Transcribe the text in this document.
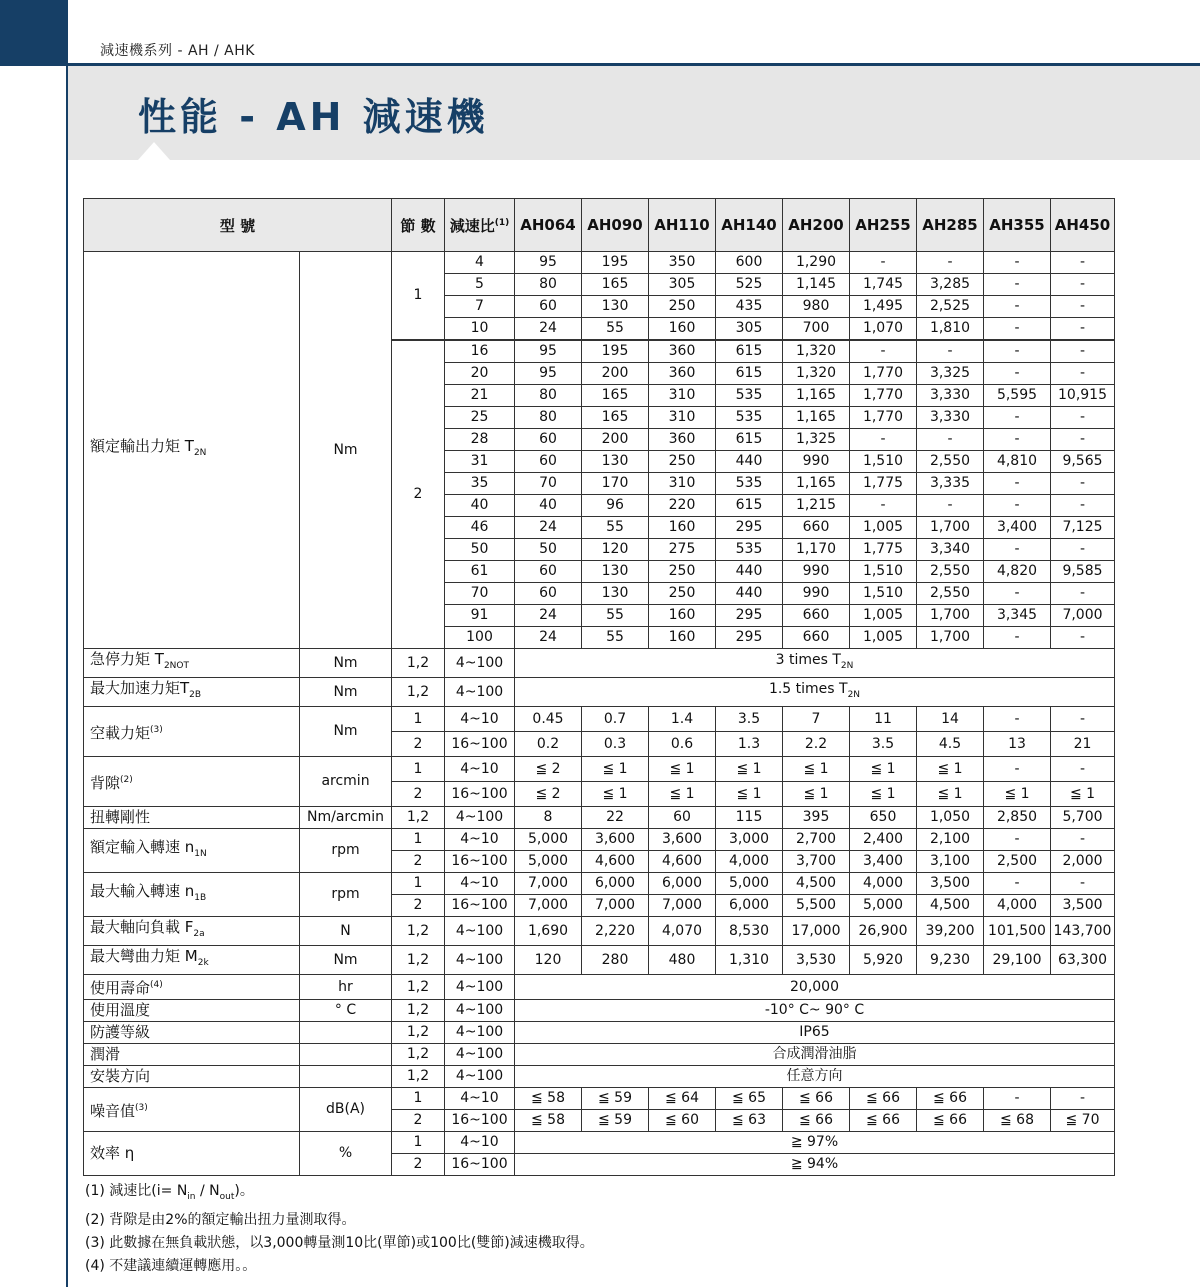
減速機系列 - AH / AHK
性能 - AH 減速機
型 號		節 數	減速比$^{(1)}$	AH064	AH090	AH110	AH140	AH200	AH255	AH285	AH355	AH450
額定輸出力矩 $T_{2N}$	Nm	1	4	95	195	350	600	1,290	-	-	-	-
			5	80	165	305	525	1,145	1,745	3,285	-	-
			7	60	130	250	435	980	1,495	2,525	-	-
			10	24	55	160	305	700	1,070	1,810	-	-
		2	16	95	195	360	615	1,320	-	-	-	-
			20	95	200	360	615	1,320	1,770	3,325	-	-
			21	80	165	310	535	1,165	1,770	3,330	5,595	10,915
			25	80	165	310	535	1,165	1,770	3,330	-	-
			28	60	200	360	615	1,325	-	-	-	-
			31	60	130	250	440	990	1,510	2,550	4,810	9,565
			35	70	170	310	535	1,165	1,775	3,335	-	-
			40	40	96	220	615	1,215	-	-	-	-
			46	24	55	160	295	660	1,005	1,700	3,400	7,125
			50	50	120	275	535	1,170	1,775	3,340	-	-
			61	60	130	250	440	990	1,510	2,550	4,820	9,585
			70	60	130	250	440	990	1,510	2,550	-	-
			91	24	55	160	295	660	1,005	1,700	3,345	7,000
			100	24	55	160	295	660	1,005	1,700	-	-
急停力矩 $T_{2NOT}$	Nm	1,2	4~100	3 times $T_{2N}$
最大加速力矩$T_{2B}$	Nm	1,2	4~100	1.5 times $T_{2N}$
空載力矩$^{(3)}$	Nm	1	4~10	0.45	0.7	1.4	3.5	7	11	14	-	-
		2	16~100	0.2	0.3	0.6	1.3	2.2	3.5	4.5	13	21
背隙$^{(2)}$	arcmin	1	4~10	≦ 2	≦ 1	≦ 1	≦ 1	≦ 1	≦ 1	≦ 1	-	-
		2	16~100	≦ 2	≦ 1	≦ 1	≦ 1	≦ 1	≦ 1	≦ 1	≦ 1	≦ 1
扭轉剛性	Nm/arcmin	1,2	4~100	8	22	60	115	395	650	1,050	2,850	5,700
額定輸入轉速 $n_{1N}$	rpm	1	4~10	5,000	3,600	3,600	3,000	2,700	2,400	2,100	-	-
		2	16~100	5,000	4,600	4,600	4,000	3,700	3,400	3,100	2,500	2,000
最大輸入轉速 $n_{1B}$	rpm	1	4~10	7,000	6,000	6,000	5,000	4,500	4,000	3,500	-	-
		2	16~100	7,000	7,000	7,000	6,000	5,500	5,000	4,500	4,000	3,500
最大軸向負載 $F_{2a}$	N	1,2	4~100	1,690	2,220	4,070	8,530	17,000	26,900	39,200	101,500	143,700
最大彎曲力矩 $M_{2k}$	Nm	1,2	4~100	120	280	480	1,310	3,530	5,920	9,230	29,100	63,300
使用壽命$^{(4)}$	hr	1,2	4~100	20,000								
使用溫度	° C	1,2	4~100	-10° C~ 90° C								
防護等級		1,2	4~100	IP65								
潤滑		1,2	4~100	合成潤滑油脂								
安裝方向		1,2	4~100	任意方向								
噪音值$^{(3)}$	dB(A)	1	4~10	≦ 58	≦ 59	≦ 64	≦ 65	≦ 66	≦ 66	≦ 66	-	-
		2	16~100	≦ 58	≦ 59	≦ 60	≦ 63	≦ 66	≦ 66	≦ 66	≦ 68	≦ 70
效率 η	%	1	4~10	≧ 97%								
		2	16~100	≧ 94%								
(1) 減速比$(i= N_{in} / N_{out})$。
(2) 背隙是由2%的額定輸出扭力量測取得。
(3) 此數據在無負載狀態，以3,000轉量測10比(單節)或100比(雙節)減速機取得。
(4) 不建議連續運轉應用。。
